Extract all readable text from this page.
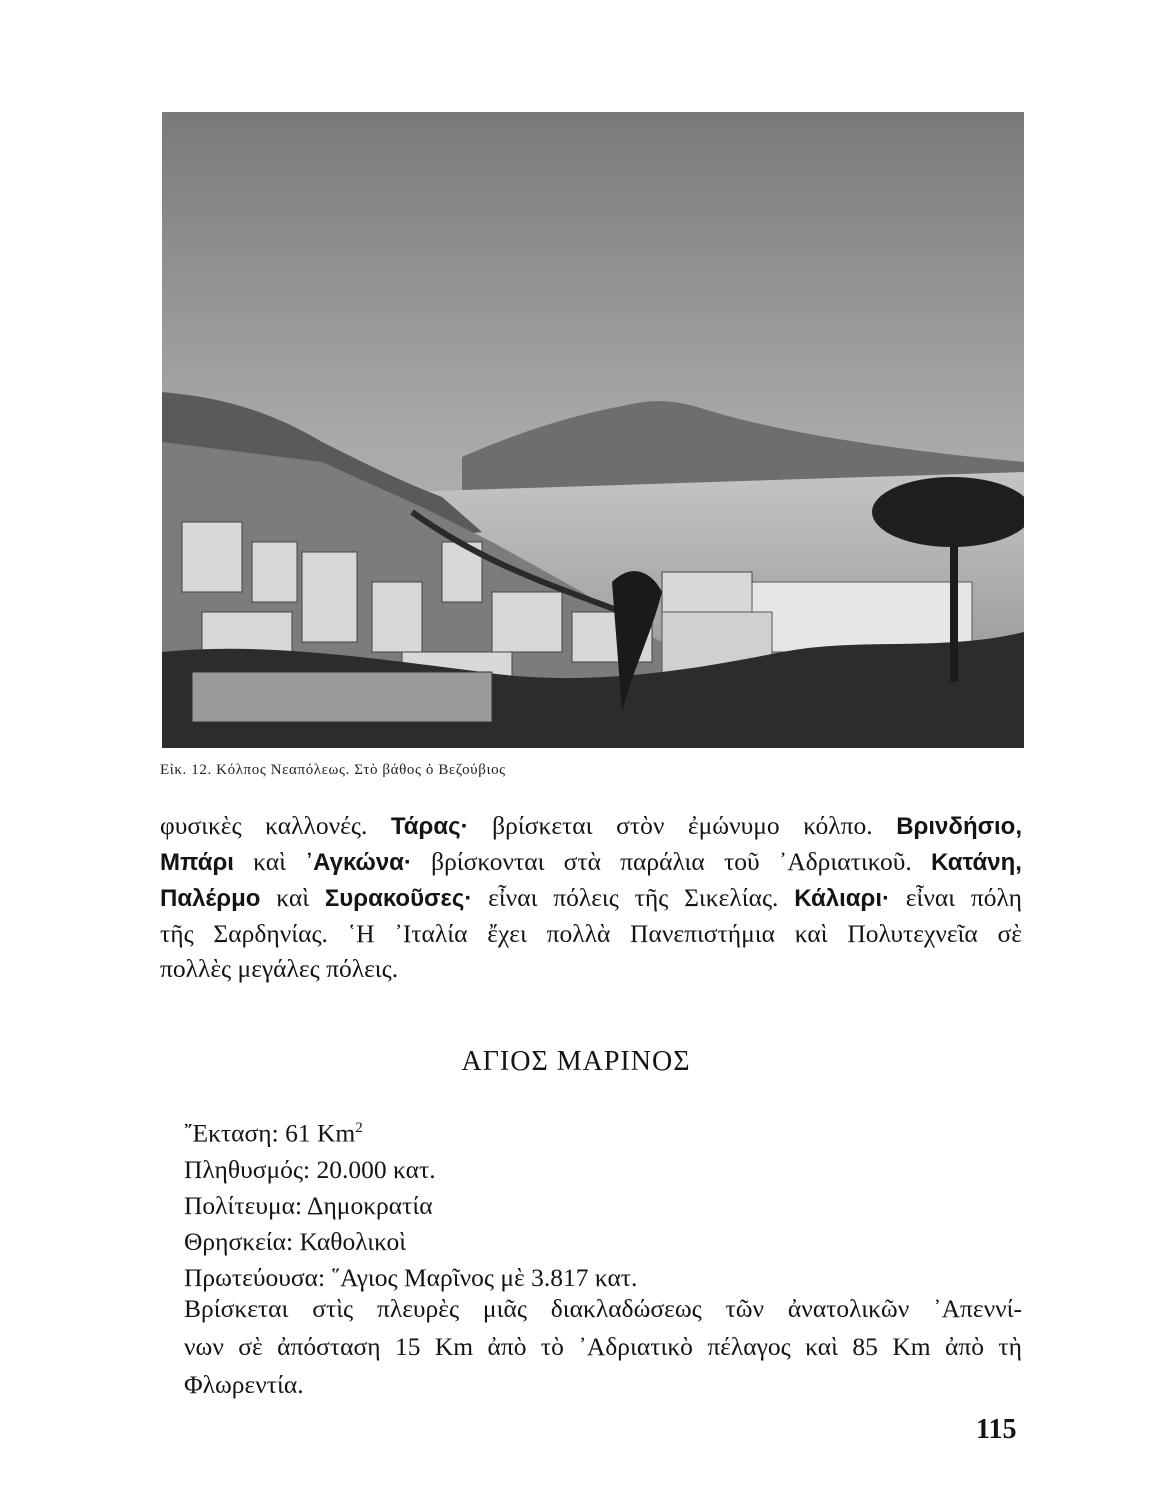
Εἰκ. 12. Κόλπος Νεαπόλεως. Στὸ βάθος ὁ Βεζούβιος
φυσικὲς καλλονές. Τάρας· βρίσκεται στὸν ἐμώνυμο κόλπο. Βρινδήσιο,
Μπάρι καὶ ᾿Αγκώνα· βρίσκονται στὰ παράλια τοῦ ᾿Αδριατικοῦ. Κατάνη,
Παλέρμο καὶ Συρακοῦσες· εἶναι πόλεις τῆς Σικελίας. Κάλιαρι· εἶναι πόλη
τῆς Σαρδηνίας. ῾Η ᾿Ιταλία ἔχει πολλὰ Πανεπιστήμια καὶ Πολυτεχνεῖα σὲ
πολλὲς μεγάλες πόλεις.
ΑΓΙΟΣ ΜΑΡΙΝΟΣ
῎Εκταση: 61 Km$^2$
Πληθυσμός: 20.000 κατ.
Πολίτευμα: Δημοκρατία
Θρησκεία: Καθολικοὶ
Πρωτεύουσα: ῞Αγιος Μαρῖνος μὲ 3.817 κατ.
Βρίσκεται στὶς πλευρὲς μιᾶς διακλαδώσεως τῶν ἀνατολικῶν ᾿Απεννί-
νων σὲ ἀπόσταση 15 Km ἀπὸ τὸ ᾿Αδριατικὸ πέλαγος καὶ 85 Km ἀπὸ τὴ
Φλωρεντία.
115
